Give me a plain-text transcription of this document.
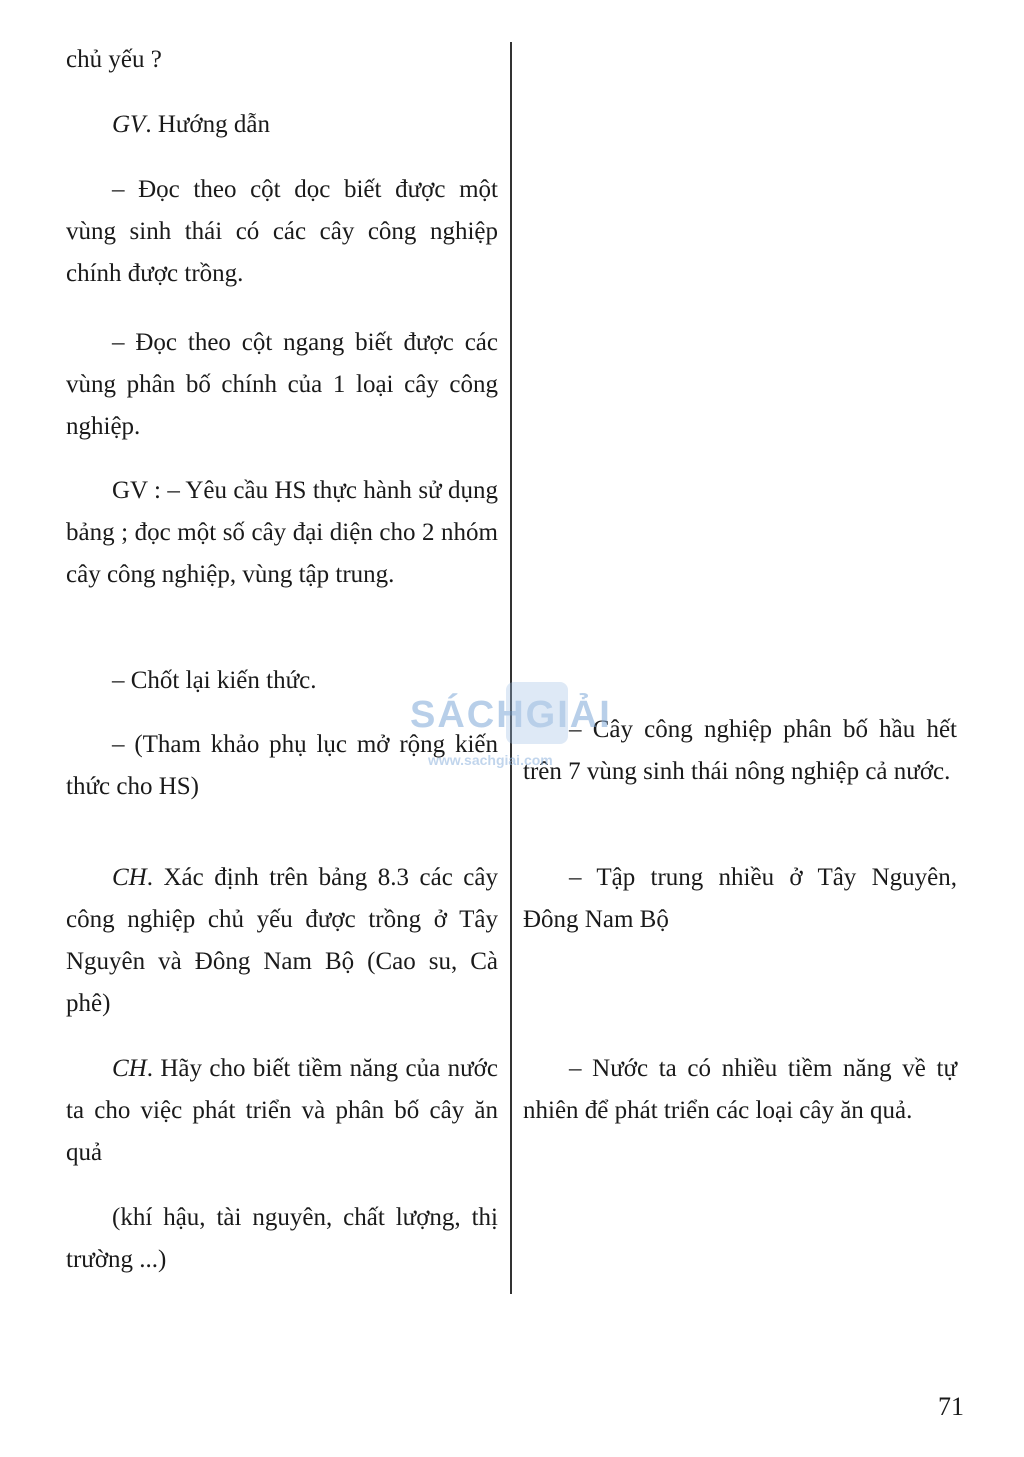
chủ yếu ?

GV. Hướng dẫn

– Đọc theo cột dọc biết được một vùng sinh thái có các cây công nghiệp chính được trồng.

– Đọc theo cột ngang biết được các vùng phân bố chính của 1 loại cây công nghiệp.

GV : – Yêu cầu HS thực hành sử dụng bảng ; đọc một số cây đại diện cho 2 nhóm cây công nghiệp, vùng tập trung.

– Chốt lại kiến thức.

– (Tham khảo phụ lục mở rộng kiến thức cho HS)

CH. Xác định trên bảng 8.3 các cây công nghiệp chủ yếu được trồng ở Tây Nguyên và Đông Nam Bộ (Cao su, Cà phê)

CH. Hãy cho biết tiềm năng của nước ta cho việc phát triển và phân bố cây ăn quả

(khí hậu, tài nguyên, chất lượng, thị trường ...)

– Cây công nghiệp phân bố hầu hết trên 7 vùng sinh thái nông nghiệp cả nước.

– Tập trung nhiều ở Tây Nguyên, Đông Nam Bộ

– Nước ta có nhiều tiềm năng về tự nhiên để phát triển các loại cây ăn quả.

SÁCHGIẢI
www.sachgiai.com
71
